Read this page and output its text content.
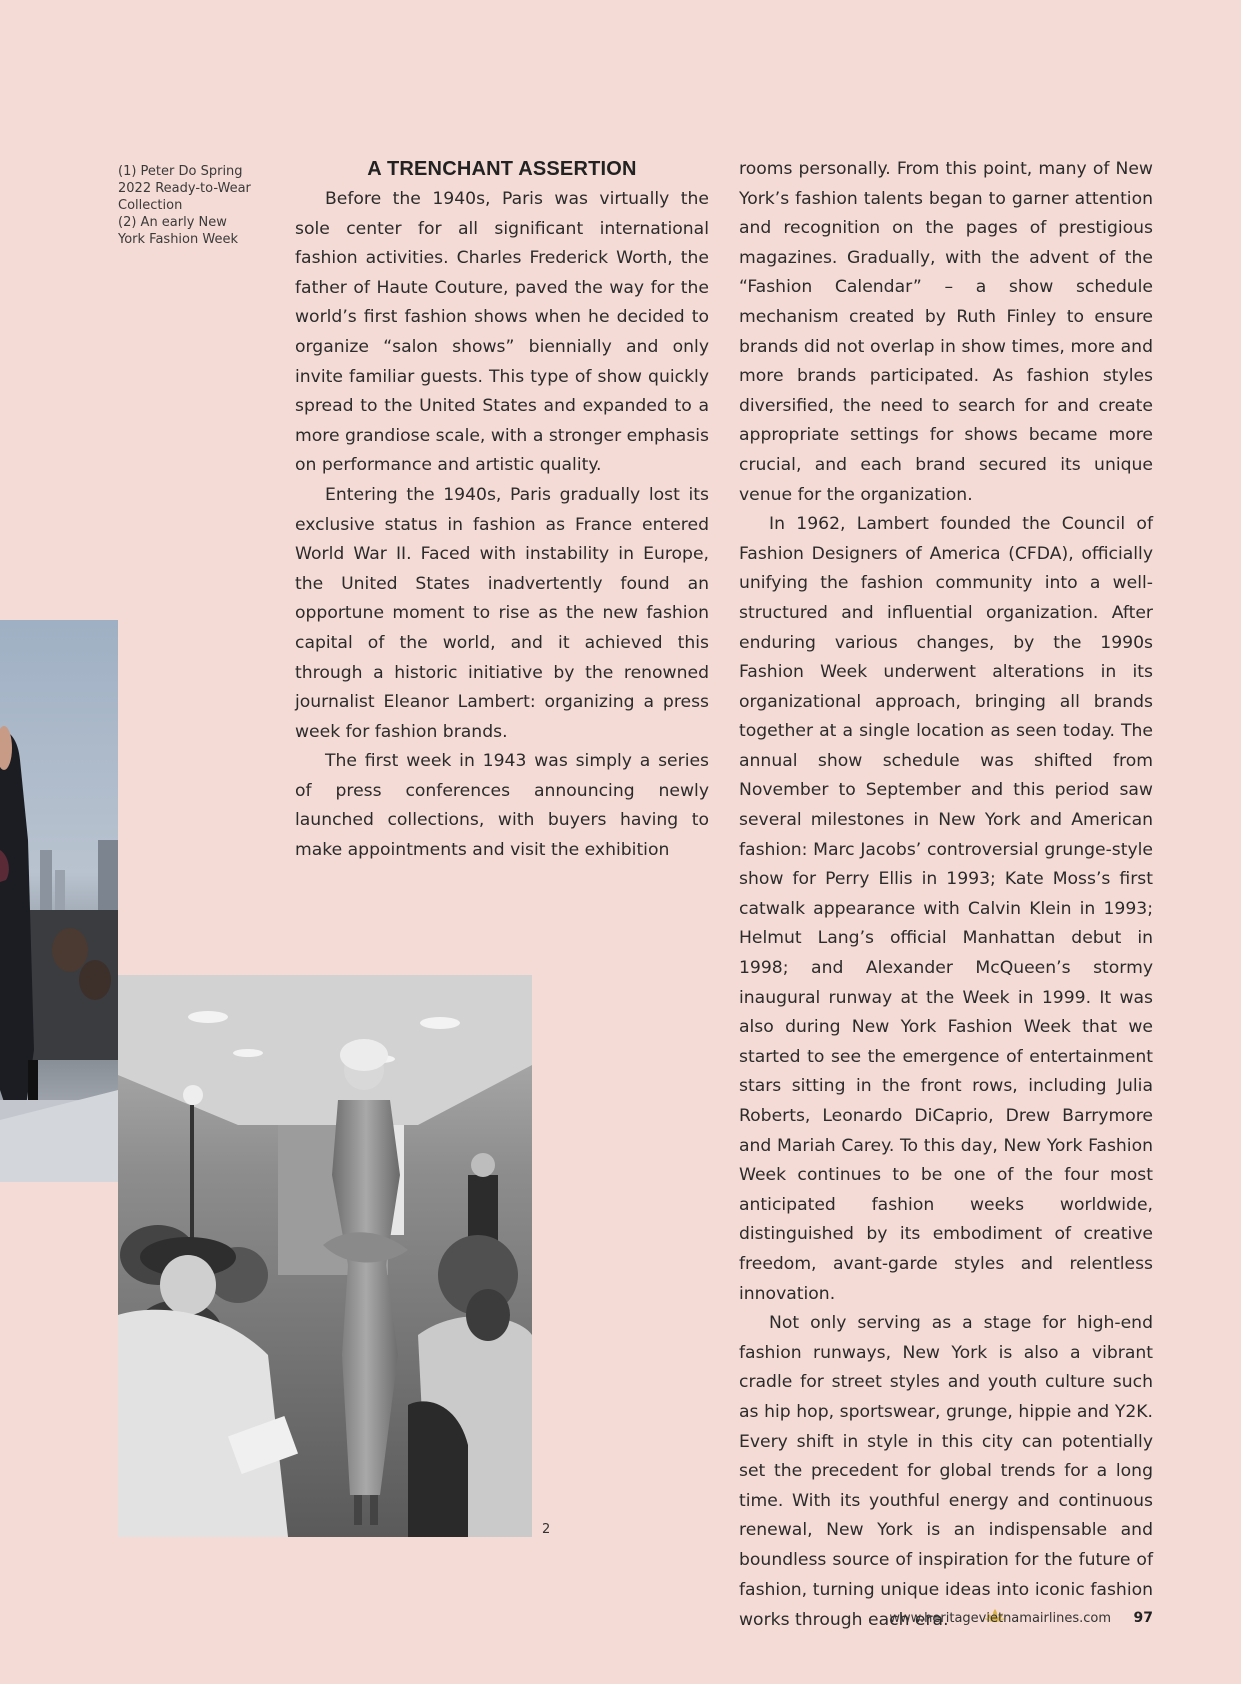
(1) Peter Do Spring 2022 Ready-to-Wear Collection
(2) An early New York Fashion Week
A TRENCHANT ASSERTION

Before the 1940s, Paris was virtually the sole center for all significant international fashion activities. Charles Frederick Worth, the father of Haute Couture, paved the way for the world’s first fashion shows when he decided to organize “salon shows” biennially and only invite familiar guests. This type of show quickly spread to the United States and expanded to a more grandiose scale, with a stronger emphasis on performance and artistic quality.

Entering the 1940s, Paris gradually lost its exclusive status in fashion as France entered World War II. Faced with instability in Europe, the United States inadvertently found an opportune moment to rise as the new fashion capital of the world, and it achieved this through a historic initiative by the renowned journalist Eleanor Lambert: organizing a press week for fashion brands.

The first week in 1943 was simply a series of press conferences announcing newly launched collections, with buyers having to make appointments and visit the exhibition

rooms personally. From this point, many of New York’s fashion talents began to garner attention and recognition on the pages of prestigious magazines. Gradually, with the advent of the “Fashion Calendar” – a show schedule mechanism created by Ruth Finley to ensure brands did not overlap in show times, more and more brands participated. As fashion styles diversified, the need to search for and create appropriate settings for shows became more crucial, and each brand secured its unique venue for the organization.

In 1962, Lambert founded the Council of Fashion Designers of America (CFDA), officially unifying the fashion community into a well-structured and influential organization. After enduring various changes, by the 1990s Fashion Week underwent alterations in its organizational approach, bringing all brands together at a single location as seen today. The annual show schedule was shifted from November to September and this period saw several milestones in New York and American fashion: Marc Jacobs’ controversial grunge-style show for Perry Ellis in 1993; Kate Moss’s first catwalk appearance with Calvin Klein in 1993; Helmut Lang’s official Manhattan debut in 1998; and Alexander McQueen’s stormy inaugural runway at the Week in 1999. It was also during New York Fashion Week that we started to see the emergence of entertainment stars sitting in the front rows, including Julia Roberts, Leonardo DiCaprio, Drew Barrymore and Mariah Carey. To this day, New York Fashion Week continues to be one of the four most anticipated fashion weeks worldwide, distinguished by its embodiment of creative freedom, avant-garde styles and relentless innovation.

Not only serving as a stage for high-end fashion runways, New York is also a vibrant cradle for street styles and youth culture such as hip hop, sportswear, grunge, hippie and Y2K. Every shift in style in this city can potentially set the precedent for global trends for a long time. With its youthful energy and continuous renewal, New York is an indispensable and boundless source of inspiration for the future of fashion, turning unique ideas into iconic fashion works through each era.

2
www.heritagevietnamairlines.com 97
